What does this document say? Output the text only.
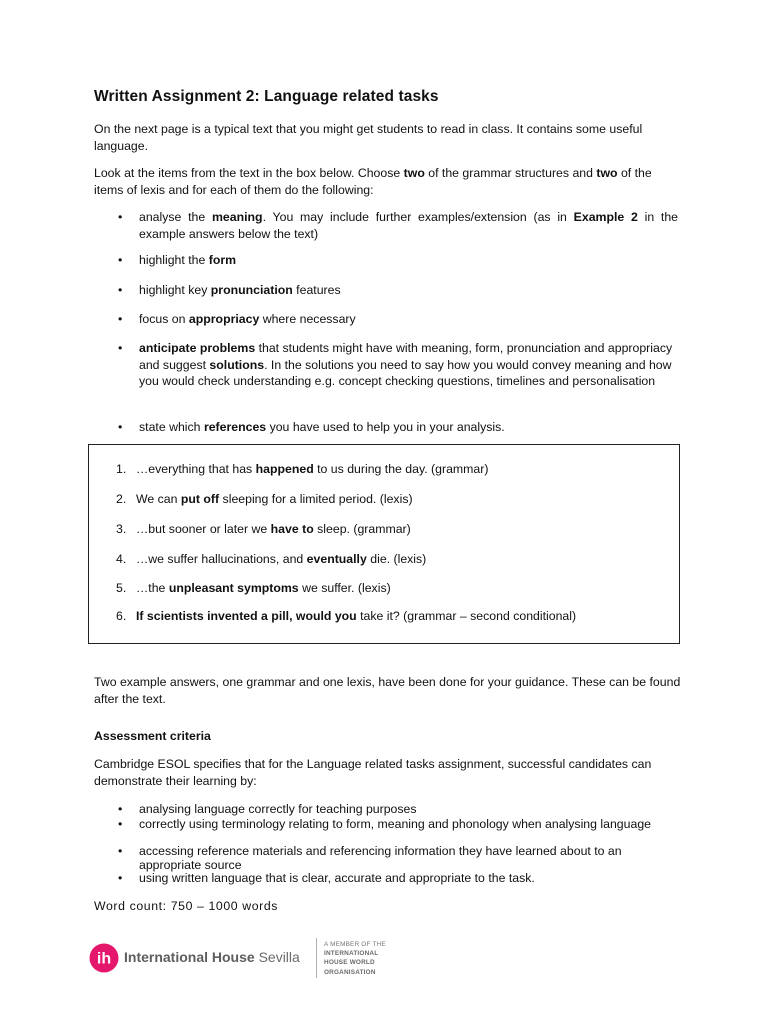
Written Assignment 2: Language related tasks
On the next page is a typical text that you might get students to read in class. It contains some useful language.
Look at the items from the text in the box below. Choose two of the grammar structures and two of the items of lexis and for each of them do the following:
• analyse the meaning. You may include further examples/extension (as in Example 2 in the example answers below the text)
• highlight the form
• highlight key pronunciation features
• focus on appropriacy where necessary
• anticipate problems that students might have with meaning, form, pronunciation and appropriacy and suggest solutions. In the solutions you need to say how you would convey meaning and how you would check understanding e.g. concept checking questions, timelines and personalisation
• state which references you have used to help you in your analysis.
1. …everything that has happened to us during the day. (grammar)
2. We can put off sleeping for a limited period. (lexis)
3. …but sooner or later we have to sleep. (grammar)
4. …we suffer hallucinations, and eventually die. (lexis)
5. …the unpleasant symptoms we suffer. (lexis)
6. If scientists invented a pill, would you take it? (grammar – second conditional)
Two example answers, one grammar and one lexis, have been done for your guidance. These can be found after the text.
Assessment criteria
Cambridge ESOL specifies that for the Language related tasks assignment, successful candidates can demonstrate their learning by:
• analysing language correctly for teaching purposes
• correctly using terminology relating to form, meaning and phonology when analysing language
• accessing reference materials and referencing information they have learned about to an appropriate source
• using written language that is clear, accurate and appropriate to the task.
Word count: 750 – 1000 words
ih International House Sevilla
A MEMBER OF THE
INTERNATIONAL
HOUSE WORLD
ORGANISATION
